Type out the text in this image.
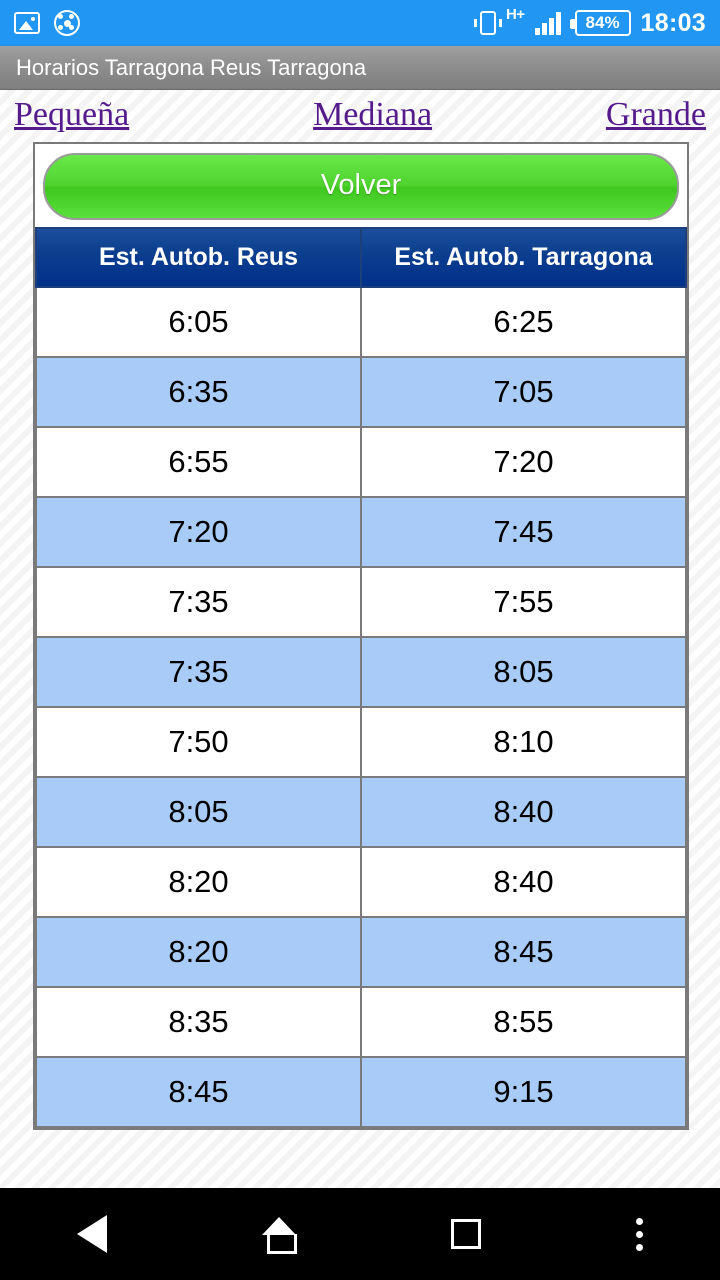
H+	84% 18:03
Horarios Tarragona Reus Tarragona
Pequeña	Mediana	Grande
Volver
Est. Autob. Reus	Est. Autob. Tarragona
6:05	6:25
6:35	7:05
6:55	7:20
7:20	7:45
7:35	7:55
7:35	8:05
7:50	8:10
8:05	8:40
8:20	8:40
8:20	8:45
8:35	8:55
8:45	9:15
